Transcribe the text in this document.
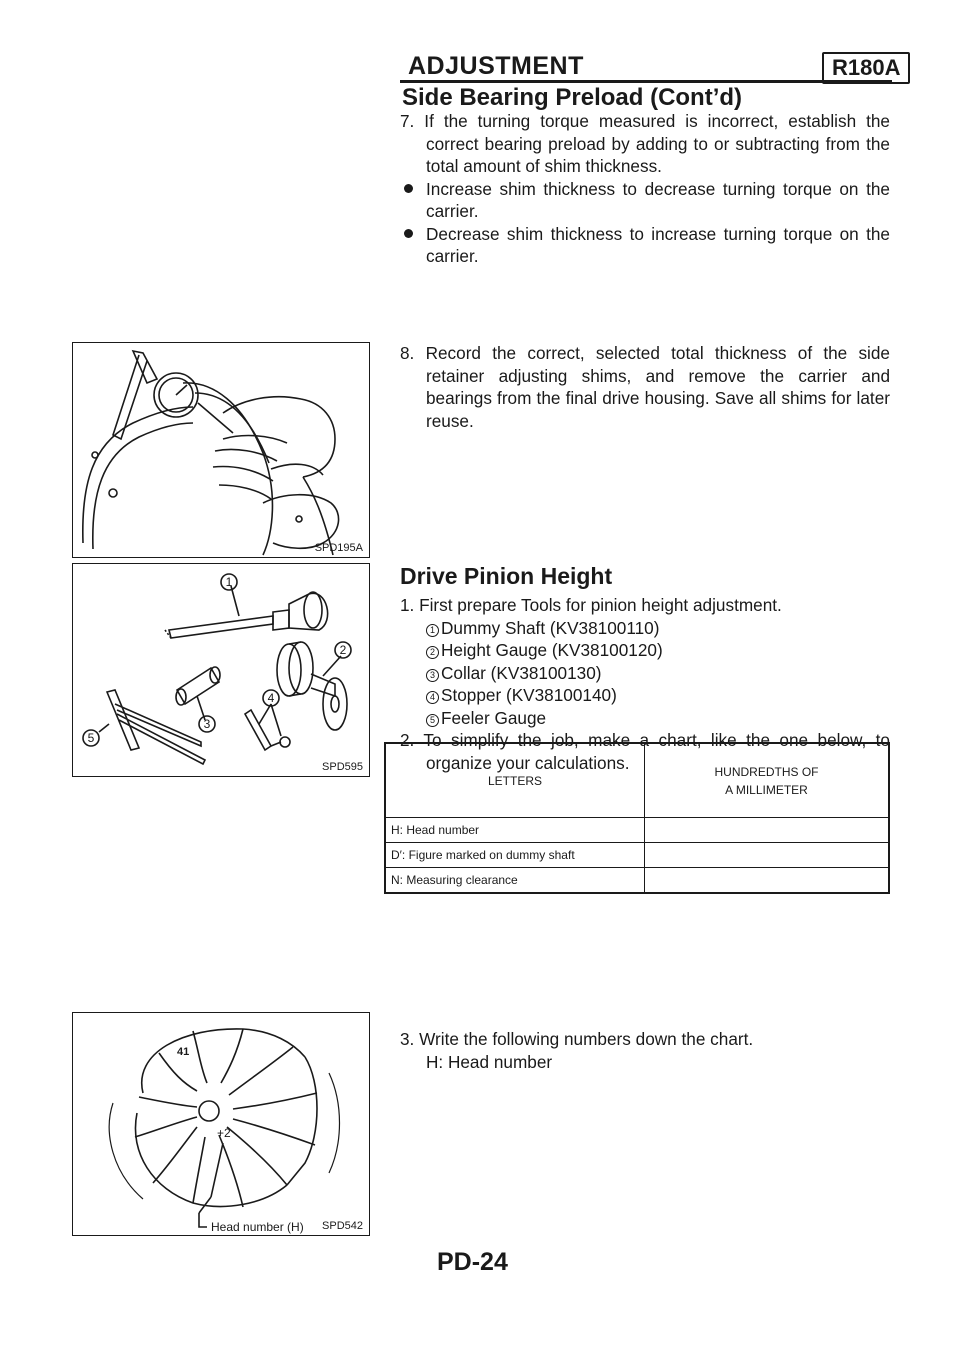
ADJUSTMENT	R180A
Side Bearing Preload (Cont’d)
7. If the turning torque measured is incorrect, establish the correct bearing preload by adding to or subtracting from the total amount of shim thickness.
Increase shim thickness to decrease turning torque on the carrier.
Decrease shim thickness to increase turning torque on the carrier.
SPD195A
8. Record the correct, selected total thickness of the side retainer adjusting shims, and remove the carrier and bearings from the final drive housing. Save all shims for later reuse.
Drive Pinion Height
1
2
3
4
5
SPD595
1. First prepare Tools for pinion height adjustment.
1 Dummy Shaft (KV38100110)
2 Height Gauge (KV38100120)
3 Collar (KV38100130)
4 Stopper (KV38100140)
5 Feeler Gauge
2. To simplify the job, make a chart, like the one below, to organize your calculations.
LETTERS	HUNDREDTHS OF
A MILLIMETER
H: Head number	
D′: Figure marked on dummy shaft	
N: Measuring clearance	
41
+2
Head number (H) SPD542
3. Write the following numbers down the chart.
H: Head number
PD-24
